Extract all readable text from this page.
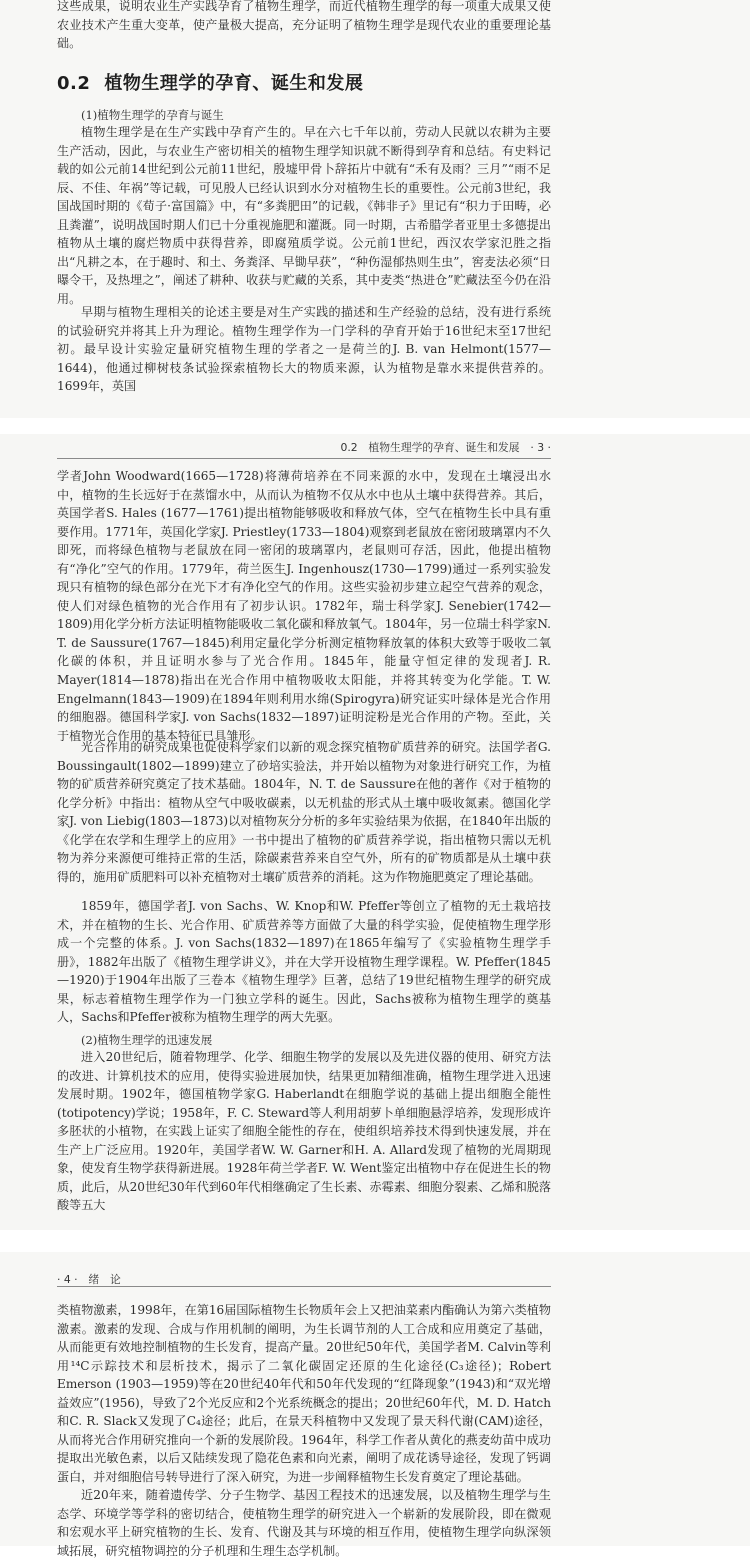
这些成果，说明农业生产实践孕育了植物生理学，而近代植物生理学的每一项重大成果又使农业技术产生重大变革，使产量极大提高，充分证明了植物生理学是现代农业的重要理论基础。

0.2 植物生理学的孕育、诞生和发展

(1)植物生理学的孕育与诞生

植物生理学是在生产实践中孕育产生的。早在六七千年以前，劳动人民就以农耕为主要生产活动，因此，与农业生产密切相关的植物生理学知识就不断得到孕育和总结。有史料记载的如公元前14世纪到公元前11世纪，殷墟甲骨卜辞拓片中就有“禾有及雨？三月”“雨不足辰、不佳、年祸”等记载，可见殷人已经认识到水分对植物生长的重要性。公元前3世纪，我国战国时期的《荀子·富国篇》中，有“多粪肥田”的记载，《韩非子》里记有“积力于田畴，必且粪灌”，说明战国时期人们已十分重视施肥和灌溉。同一时期，古希腊学者亚里士多德提出植物从土壤的腐烂物质中获得营养，即腐殖质学说。公元前1世纪，西汉农学家氾胜之指出“凡耕之本，在于趣时、和土、务粪泽、早锄早获”，“种伤湿郁热则生虫”，窖麦法必须“日曝令干，及热埋之”，阐述了耕种、收获与贮藏的关系，其中麦类“热进仓”贮藏法至今仍在沿用。

早期与植物生理相关的论述主要是对生产实践的描述和生产经验的总结，没有进行系统的试验研究并将其上升为理论。植物生理学作为一门学科的孕育开始于16世纪末至17世纪初。最早设计实验定量研究植物生理的学者之一是荷兰的J. B. van Helmont(1577—1644)，他通过柳树枝条试验探索植物长大的物质来源，认为植物是靠水来提供营养的。1699年，英国

0.2　植物生理学的孕育、诞生和发展　· 3 ·

学者John Woodward(1665—1728)将薄荷培养在不同来源的水中，发现在土壤浸出水中，植物的生长远好于在蒸馏水中，从而认为植物不仅从水中也从土壤中获得营养。其后，英国学者S. Hales (1677—1761)提出植物能够吸收和释放气体，空气在植物生长中具有重要作用。1771年，英国化学家J. Priestley(1733—1804)观察到老鼠放在密闭玻璃罩内不久即死，而将绿色植物与老鼠放在同一密闭的玻璃罩内，老鼠则可存活，因此，他提出植物有“净化”空气的作用。1779年，荷兰医生J. Ingenhousz(1730—1799)通过一系列实验发现只有植物的绿色部分在光下才有净化空气的作用。这些实验初步建立起空气营养的观念，使人们对绿色植物的光合作用有了初步认识。1782年，瑞士科学家J. Senebier(1742—1809)用化学分析方法证明植物能吸收二氧化碳和释放氧气。1804年，另一位瑞士科学家N. T. de Saussure(1767—1845)利用定量化学分析测定植物释放氧的体积大致等于吸收二氧化碳的体积，并且证明水参与了光合作用。1845年，能量守恒定律的发现者J. R. Mayer(1814—1878)指出在光合作用中植物吸收太阳能，并将其转变为化学能。T. W. Engelmann(1843—1909)在1894年则利用水绵(Spirogyra)研究证实叶绿体是光合作用的细胞器。德国科学家J. von Sachs(1832—1897)证明淀粉是光合作用的产物。至此，关于植物光合作用的基本特征已具雏形。

光合作用的研究成果也促使科学家们以新的观念探究植物矿质营养的研究。法国学者G. Boussingault(1802—1899)建立了砂培实验法，并开始以植物为对象进行研究工作，为植物的矿质营养研究奠定了技术基础。1804年，N. T. de Saussure在他的著作《对于植物的化学分析》中指出：植物从空气中吸收碳素，以无机盐的形式从土壤中吸收氮素。德国化学家J. von Liebig(1803—1873)以对植物灰分分析的多年实验结果为依据，在1840年出版的《化学在农学和生理学上的应用》一书中提出了植物的矿质营养学说，指出植物只需以无机物为养分来源便可维持正常的生活，除碳素营养来自空气外，所有的矿物质都是从土壤中获得的，施用矿质肥料可以补充植物对土壤矿质营养的消耗。这为作物施肥奠定了理论基础。

1859年，德国学者J. von Sachs、W. Knop和W. Pfeffer等创立了植物的无土栽培技术，并在植物的生长、光合作用、矿质营养等方面做了大量的科学实验，促使植物生理学形成一个完整的体系。J. von Sachs(1832—1897)在1865年编写了《实验植物生理学手册》，1882年出版了《植物生理学讲义》，并在大学开设植物生理学课程。W. Pfeffer(1845—1920)于1904年出版了三卷本《植物生理学》巨著，总结了19世纪植物生理学的研究成果，标志着植物生理学作为一门独立学科的诞生。因此，Sachs被称为植物生理学的奠基人，Sachs和Pfeffer被称为植物生理学的两大先驱。

(2)植物生理学的迅速发展

进入20世纪后，随着物理学、化学、细胞生物学的发展以及先进仪器的使用、研究方法的改进、计算机技术的应用，使得实验进展加快，结果更加精细准确，植物生理学进入迅速发展时期。1902年，德国植物学家G. Haberlandt在细胞学说的基础上提出细胞全能性(totipotency)学说；1958年，F. C. Steward等人利用胡萝卜单细胞悬浮培养，发现形成许多胚状的小植物，在实践上证实了细胞全能性的存在，使组织培养技术得到快速发展，并在生产上广泛应用。1920年，美国学者W. W. Garner和H. A. Allard发现了植物的光周期现象，使发育生物学获得新进展。1928年荷兰学者F. W. Went鉴定出植物中存在促进生长的物质，此后，从20世纪30年代到60年代相继确定了生长素、赤霉素、细胞分裂素、乙烯和脱落酸等五大

· 4 ·　绪　论

类植物激素，1998年，在第16届国际植物生长物质年会上又把油菜素内酯确认为第六类植物激素。激素的发现、合成与作用机制的阐明，为生长调节剂的人工合成和应用奠定了基础，从而能更有效地控制植物的生长发育，提高产量。20世纪50年代，美国学者M. Calvin等利用¹⁴C示踪技术和层析技术，揭示了二氧化碳固定还原的生化途径(C₃途径)；Robert Emerson (1903—1959)等在20世纪40年代和50年代发现的“红降现象”(1943)和“双光增益效应”(1956)，导致了2个光反应和2个光系统概念的提出；20世纪60年代，M. D. Hatch和C. R. Slack又发现了C₄途径；此后，在景天科植物中又发现了景天科代谢(CAM)途径，从而将光合作用研究推向一个新的发展阶段。1964年，科学工作者从黄化的燕麦幼苗中成功提取出光敏色素，以后又陆续发现了隐花色素和向光素，阐明了成花诱导途径，发现了钙调蛋白，并对细胞信号转导进行了深入研究，为进一步阐释植物生长发育奠定了理论基础。

近20年来，随着遗传学、分子生物学、基因工程技术的迅速发展，以及植物生理学与生态学、环境学等学科的密切结合，使植物生理学的研究进入一个崭新的发展阶段，即在微观和宏观水平上研究植物的生长、发育、代谢及其与环境的相互作用，使植物生理学向纵深领域拓展，研究植物调控的分子机理和生理生态学机制。
